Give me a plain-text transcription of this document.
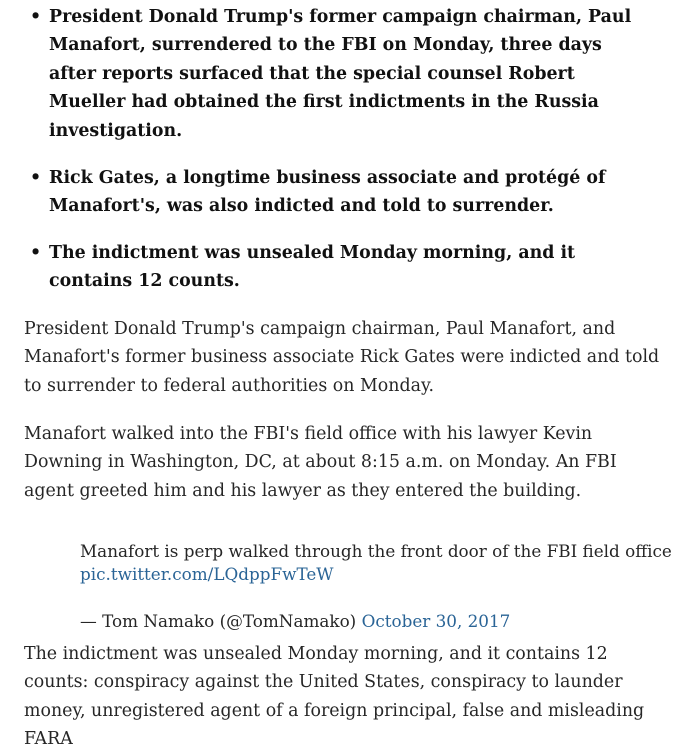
• President Donald Trump's former campaign chairman, Paul Manafort, surrendered to the FBI on Monday, three days after reports surfaced that the special counsel Robert Mueller had obtained the first indictments in the Russia investigation.
• Rick Gates, a longtime business associate and protégé of Manafort's, was also indicted and told to surrender.
• The indictment was unsealed Monday morning, and it contains 12 counts.

President Donald Trump's campaign chairman, Paul Manafort, and Manafort's former business associate Rick Gates were indicted and told to surrender to federal authorities on Monday.

Manafort walked into the FBI's field office with his lawyer Kevin Downing in Washington, DC, at about 8:15 a.m. on Monday. An FBI agent greeted him and his lawyer as they entered the building.

Manafort is perp walked through the front door of the FBI field office
pic.twitter.com/LQdppFwTeW
— Tom Namako (@TomNamako) October 30, 2017

The indictment was unsealed Monday morning, and it contains 12 counts: conspiracy against the United States, conspiracy to launder money, unregistered agent of a foreign principal, false and misleading FARA
